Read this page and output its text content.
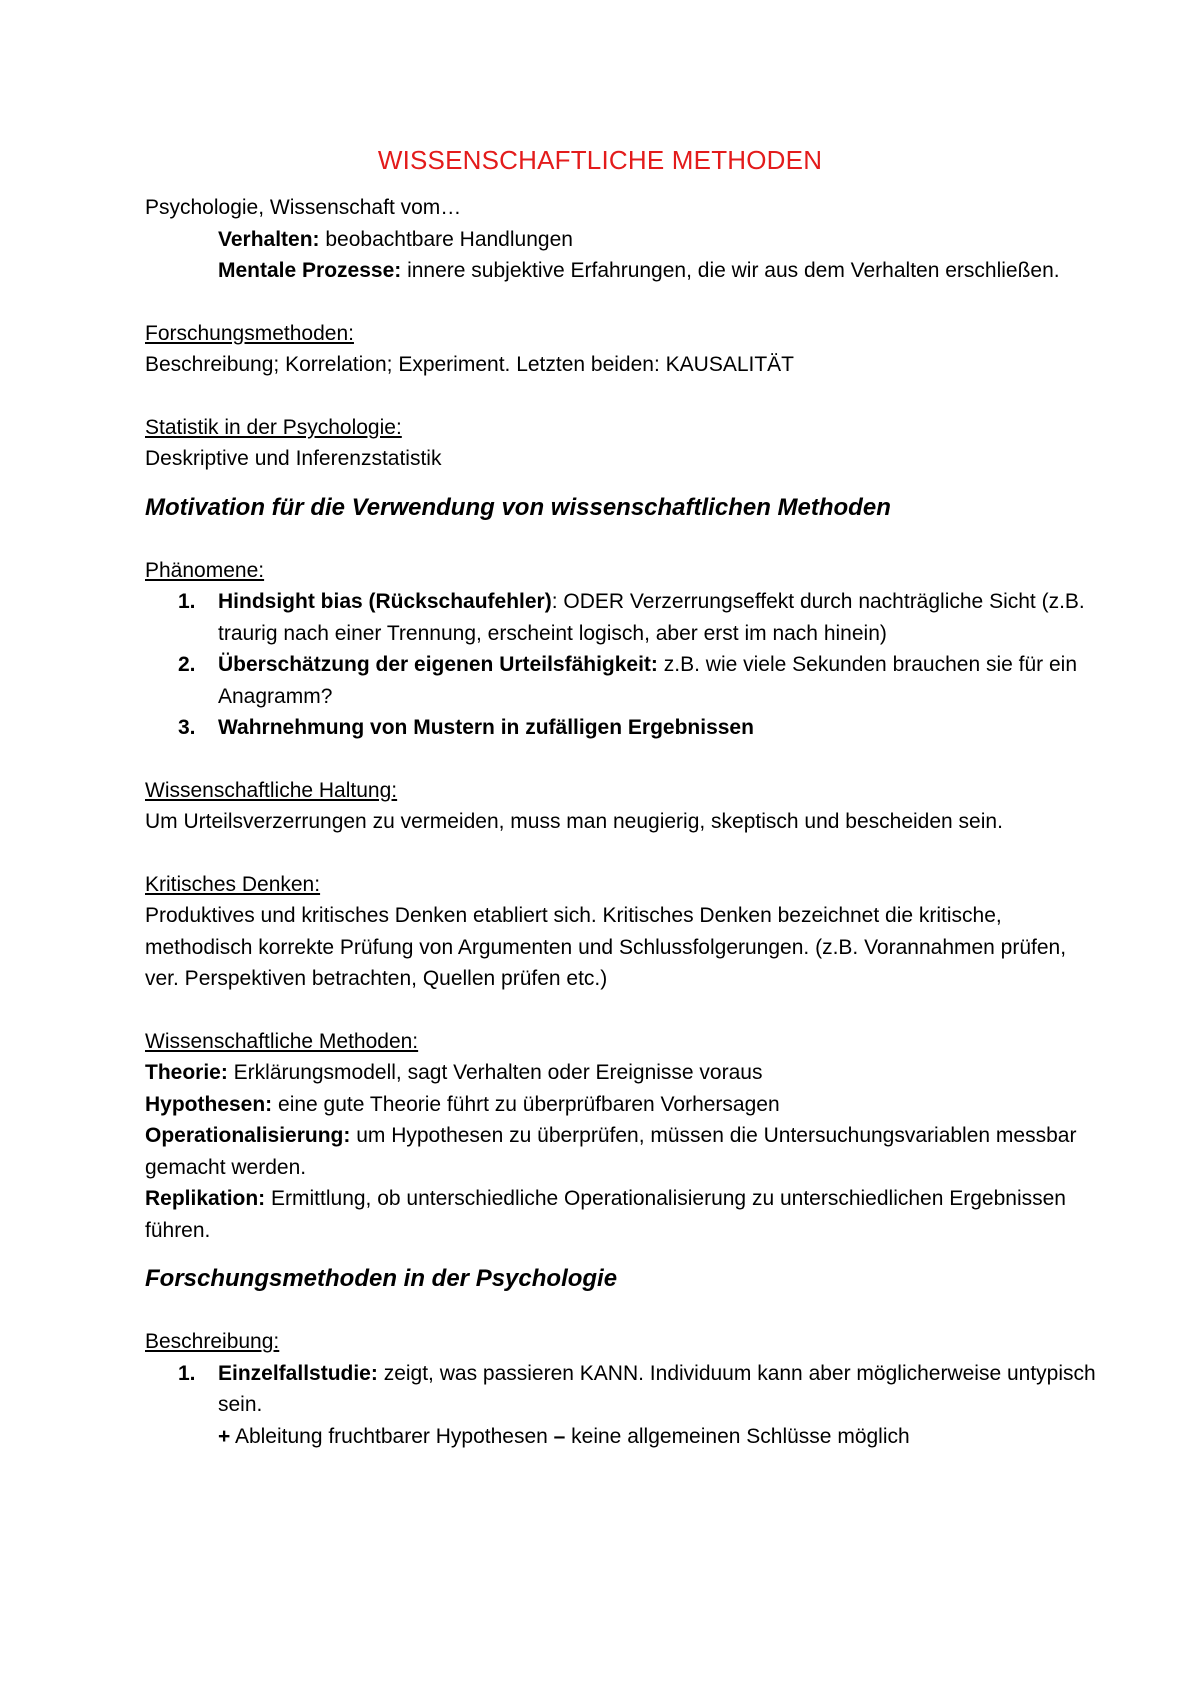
WISSENSCHAFTLICHE METHODEN

Psychologie, Wissenschaft vom…

Verhalten: beobachtbare Handlungen

Mentale Prozesse: innere subjektive Erfahrungen, die wir aus dem Verhalten erschließen.

Forschungsmethoden:

Beschreibung; Korrelation; Experiment. Letzten beiden: KAUSALITÄT

Statistik in der Psychologie:

Deskriptive und Inferenzstatistik

Motivation für die Verwendung von wissenschaftlichen Methoden

Phänomene:

1. Hindsight bias (Rückschaufehler): ODER Verzerrungseffekt durch nachträgliche Sicht (z.B. traurig nach einer Trennung, erscheint logisch, aber erst im nach hinein)
2. Überschätzung der eigenen Urteilsfähigkeit: z.B. wie viele Sekunden brauchen sie für ein Anagramm?
3. Wahrnehmung von Mustern in zufälligen Ergebnissen

Wissenschaftliche Haltung:

Um Urteilsverzerrungen zu vermeiden, muss man neugierig, skeptisch und bescheiden sein.

Kritisches Denken:

Produktives und kritisches Denken etabliert sich. Kritisches Denken bezeichnet die kritische, methodisch korrekte Prüfung von Argumenten und Schlussfolgerungen. (z.B. Vorannahmen prüfen, ver. Perspektiven betrachten, Quellen prüfen etc.)

Wissenschaftliche Methoden:

Theorie: Erklärungsmodell, sagt Verhalten oder Ereignisse voraus

Hypothesen: eine gute Theorie führt zu überprüfbaren Vorhersagen

Operationalisierung: um Hypothesen zu überprüfen, müssen die Untersuchungsvariablen messbar gemacht werden.

Replikation: Ermittlung, ob unterschiedliche Operationalisierung zu unterschiedlichen Ergebnissen führen.

Forschungsmethoden in der Psychologie

Beschreibung:

1. Einzelfallstudie: zeigt, was passieren KANN. Individuum kann aber möglicherweise untypisch sein.
+ Ableitung fruchtbarer Hypothesen – keine allgemeinen Schlüsse möglich
